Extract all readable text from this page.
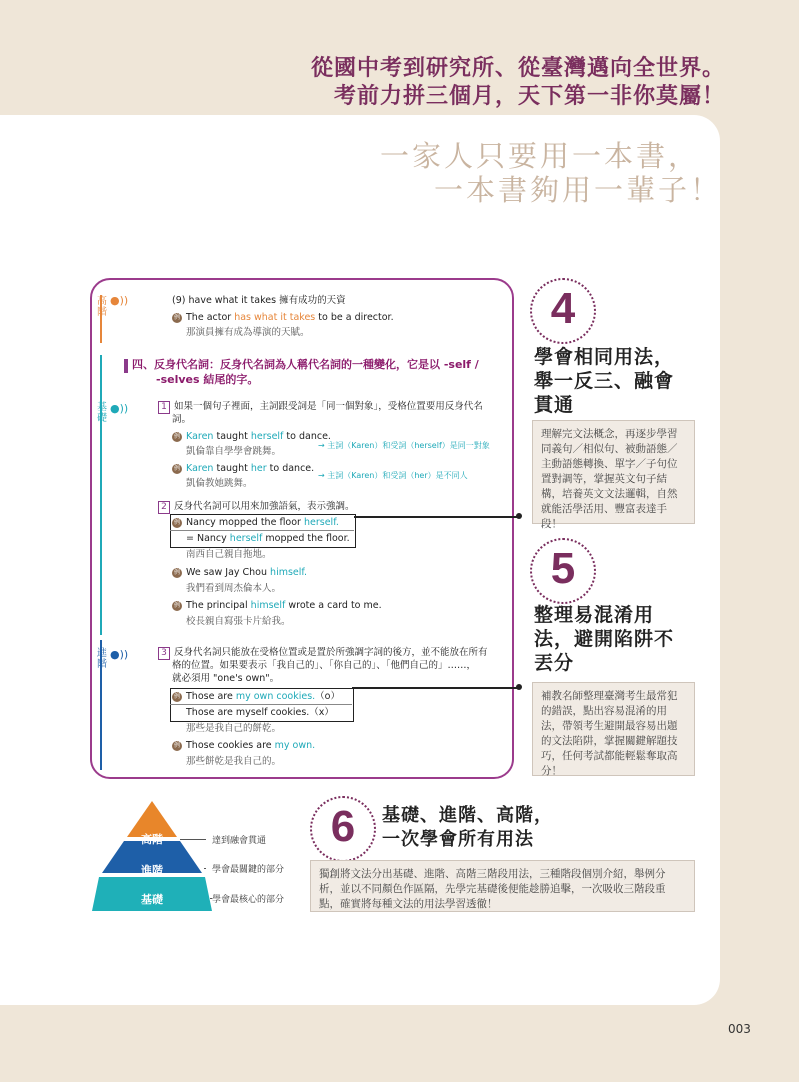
從國中考到研究所、從臺灣邁向全世界。
考前力拼三個月，天下第一非你莫屬！
一家人只要用一本書，
一本書夠用一輩子！
高階
●))
基礎
●))
進階
●))
(9) have what it takes 擁有成功的天資
例 The actor has what it takes to be a director.
那演員擁有成為導演的天賦。
四、反身代名詞：反身代名詞為人稱代名詞的一種變化，它是以 -self /
-selves 結尾的字。
1 如果一個句子裡面，主詞跟受詞是「同一個對象」，受格位置要用反身代名
詞。
例 Karen taught herself to dance.
→ 主詞（Karen）和受詞（herself）是同一對象
凱倫靠自學學會跳舞。
例 Karen taught her to dance.
→ 主詞（Karen）和受詞（her）是不同人
凱倫教她跳舞。
2 反身代名詞可以用來加強語氣，表示強調。
例 Nancy mopped the floor herself.
= Nancy herself mopped the floor.
南西自己親自拖地。
例 We saw Jay Chou himself.
我們看到周杰倫本人。
例 The principal himself wrote a card to me.
校長親自寫張卡片給我。
3 反身代名詞只能放在受格位置或是置於所強調字詞的後方，並不能放在所有
格的位置。如果要表示「我自己的」、「你自己的」、「他們自己的」……，
就必須用 "one's own"。
例 Those are my own cookies.（o）
Those are myself cookies.（x）
那些是我自己的餅乾。
例 Those cookies are my own.
那些餅乾是我自己的。
4
學會相同用法，
舉一反三、融會
貫通
理解完文法概念，再逐步學習同義句／相似句、被動語態／主動語態轉換、單字／子句位置對調等，掌握英文句子結構，培養英文文法邏輯，自然就能活學活用、豐富表達手段！
5
整理易混淆用
法，避開陷阱不
丟分
補教名師整理臺灣考生最常犯的錯誤，點出容易混淆的用法，帶領考生避開最容易出題的文法陷阱，掌握關鍵解題技巧，任何考試都能輕鬆奪取高分！
高階
進階
基礎
達到融會貫通
學會最關鍵的部分
學會最核心的部分
6	基礎、進階、高階，
一次學會所有用法
獨創將文法分出基礎、進階、高階三階段用法，三種階段個別介紹，舉例分析，並以不同顏色作區隔，先學完基礎後便能趁勝追擊，一次吸收三階段重點，確實將每種文法的用法學習透徹！
003
